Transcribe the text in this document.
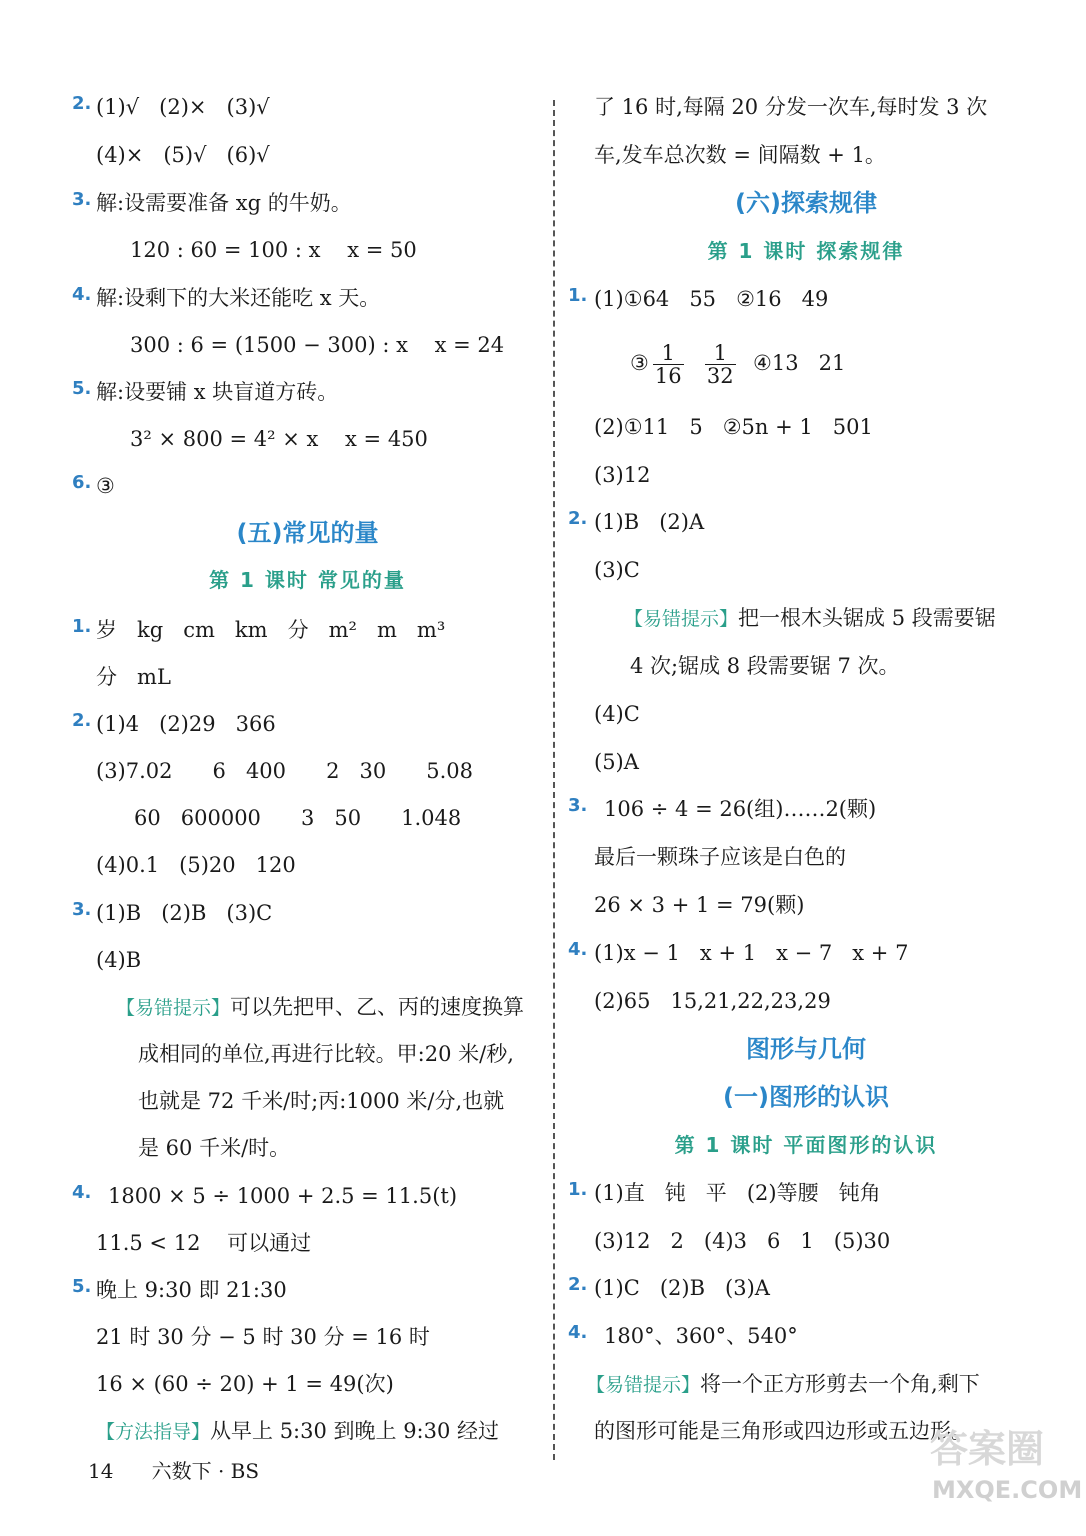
2. (1)√   (2)×   (3)√
(4)×   (5)√   (6)√
3. 解:设需要准备 xg 的牛奶。
120 : 60 = 100 : x    x = 50
4. 解:设剩下的大米还能吃 x 天。
300 : 6 = (1500 − 300) : x    x = 24
5. 解:设要铺 x 块盲道方砖。
3² × 800 = 4² × x    x = 450
6. ③
(五)常见的量
第 1 课时 常见的量
1. 岁   kg   cm   km   分   m²   m   m³
分   mL
2. (1)4   (2)29   366
(3)7.02      6   400      2   30      5.08
60   600000      3   50      1.048
(4)0.1   (5)20   120
3. (1)B   (2)B   (3)C
(4)B
【易错提示】可以先把甲、乙、丙的速度换算
成相同的单位,再进行比较。甲:20 米/秒,
也就是 72 千米/时;丙:1000 米/分,也就
是 60 千米/时。
4. 1800 × 5 ÷ 1000 + 2.5 = 11.5(t)
11.5 < 12    可以通过
5. 晚上 9:30 即 21:30
21 时 30 分 − 5 时 30 分 = 16 时
16 × (60 ÷ 20) + 1 = 49(次)
【方法指导】从早上 5:30 到晚上 9:30 经过
了 16 时,每隔 20 分发一次车,每时发 3 次
车,发车总次数 = 间隔数 + 1。
(六)探索规律
第 1 课时 探索规律
1. (1)①64   55   ②16   49
③ $\frac{1}{16}$
$\frac{1}{32}$ ④13   21
(2)①11   5   ②5n + 1   501
(3)12
2. (1)B   (2)A
(3)C
【易错提示】把一根木头锯成 5 段需要锯
4 次;锯成 8 段需要锯 7 次。
(4)C
(5)A
3. 106 ÷ 4 = 26(组)……2(颗)
最后一颗珠子应该是白色的
26 × 3 + 1 = 79(颗)
4. (1)x − 1   x + 1   x − 7   x + 7
(2)65   15,21,22,23,29
图形与几何
(一)图形的认识
第 1 课时 平面图形的认识
1. (1)直   钝   平   (2)等腰   钝角
(3)12   2   (4)3   6   1   (5)30
2. (1)C   (2)B   (3)A
4. 180°、360°、540°
【易错提示】将一个正方形剪去一个角,剩下
的图形可能是三角形或四边形或五边形。
14 六数下 · BS	答案圈
MXQE.COM
